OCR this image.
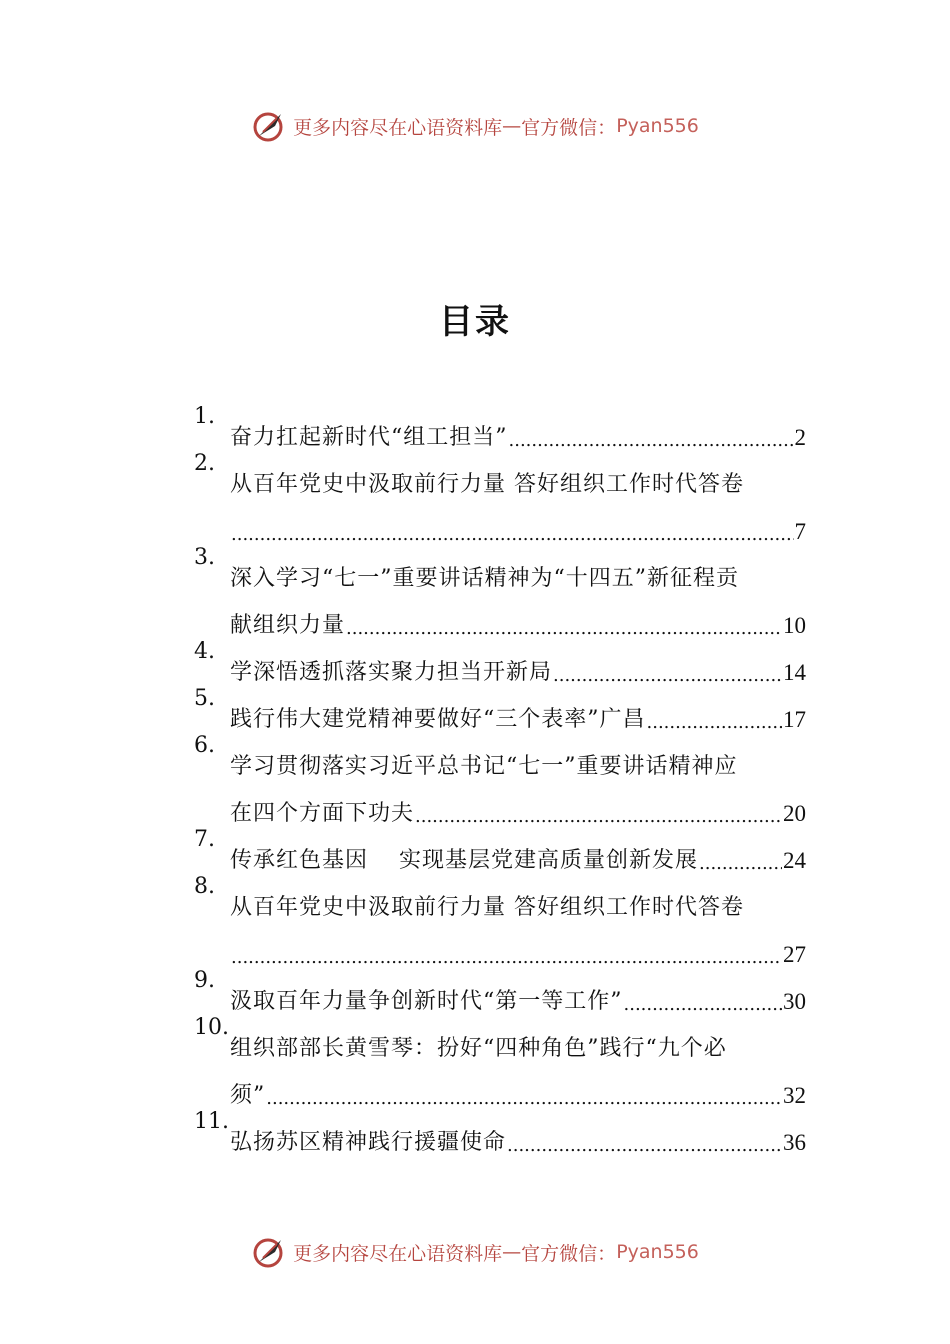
更多内容尽在心语资料库 — 官方微信： Pyan556
目录
1.
奋力扛起新时代“组工担当” .....	2
2.
从百年党史中汲取前行力量 答好组织工作时代答卷
.....
7
3.
深入学习“七一”重要讲话精神为“十四五”新征程贡
献组织力量 .....	10
4.
学深悟透抓落实聚力担当开新局 .....	14
5.
践行伟大建党精神要做好“三个表率”广昌 .....	17
6.
学习贯彻落实习近平总书记“七一”重要讲话精神应
在四个方面下功夫 .....	20
7.
传承红色基因　 实现基层党建高质量创新发展 .....	24
8.
从百年党史中汲取前行力量 答好组织工作时代答卷
.....
27
9.
汲取百年力量争创新时代“第一等工作” .....	30
10.
组织部部长黄雪琴：扮好“四种角色”践行“九个必
须” .....	32
11.
弘扬苏区精神践行援疆使命 .....	36
更多内容尽在心语资料库 — 官方微信： Pyan556
